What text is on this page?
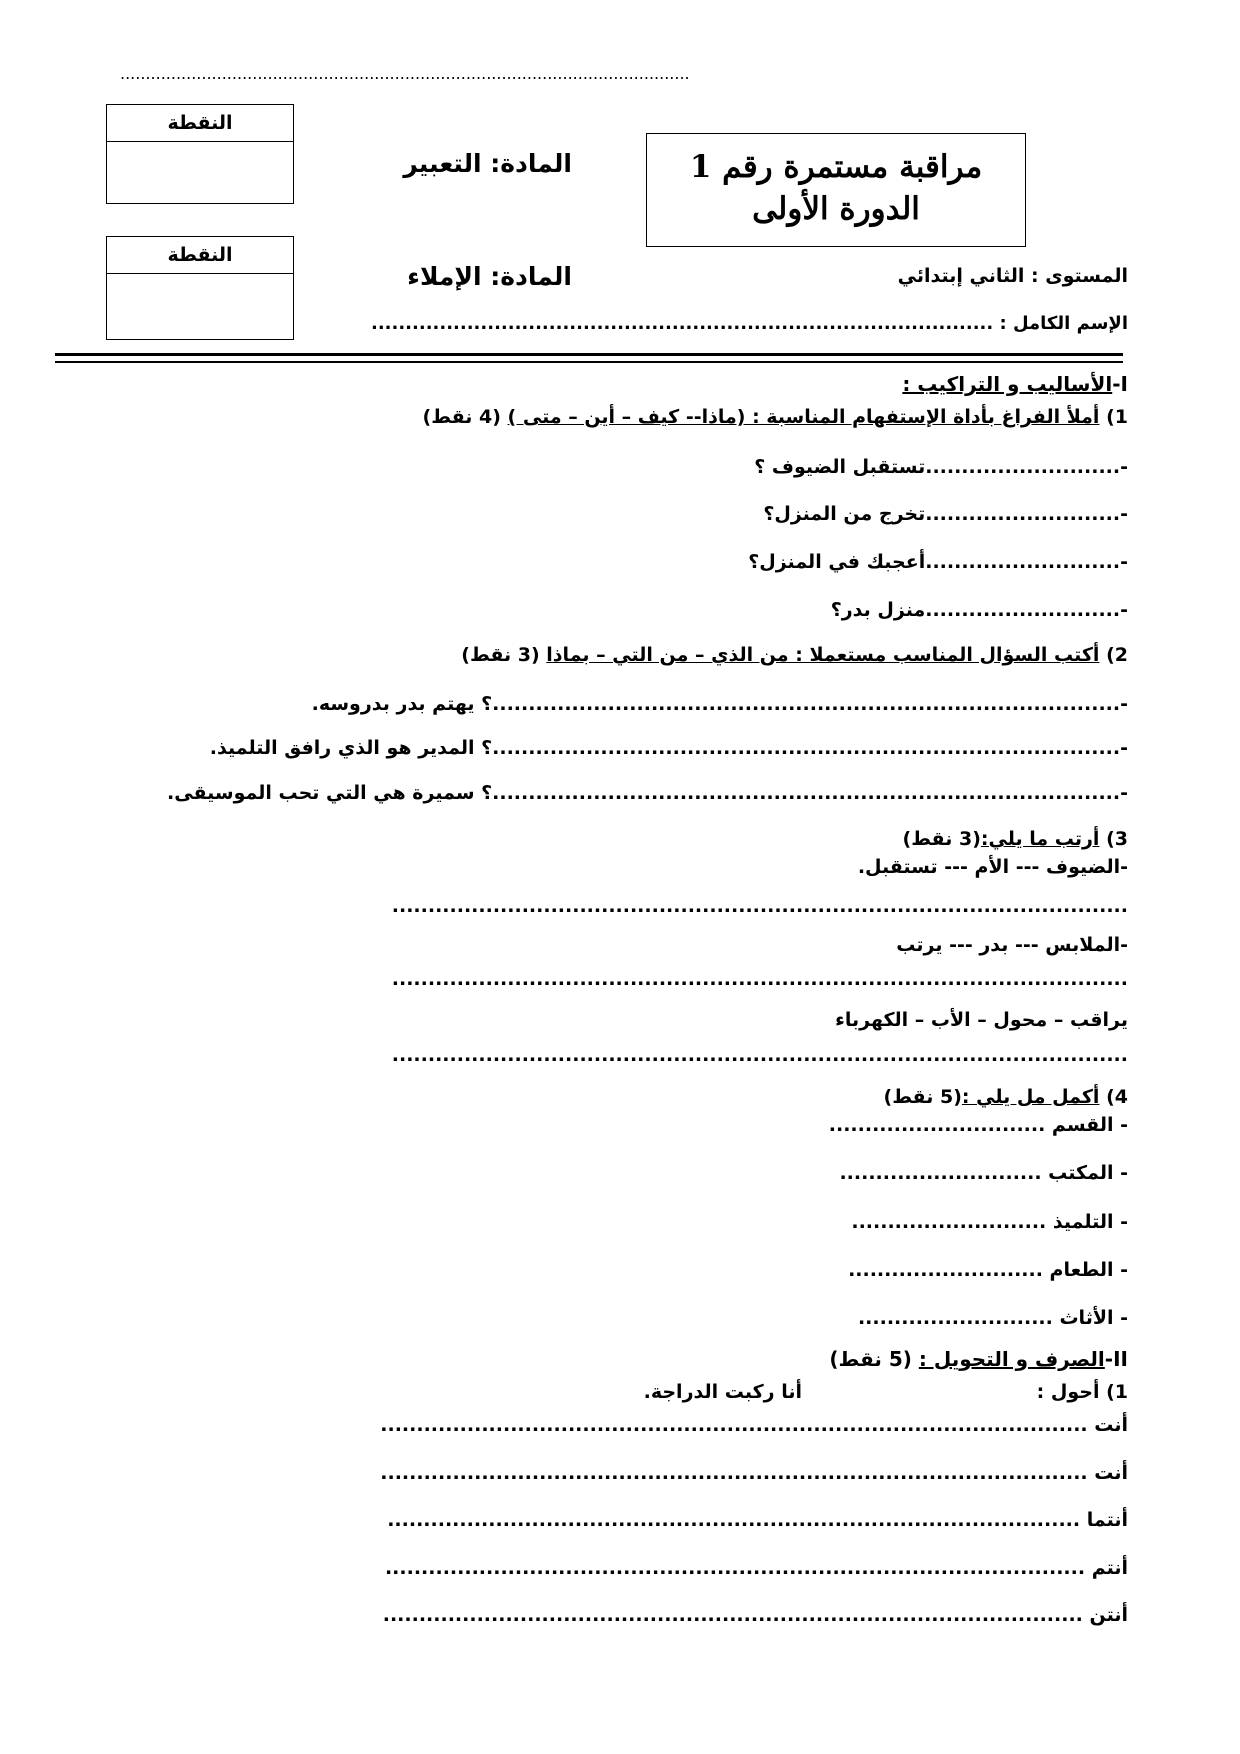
................................................................................................................
النقطة
النقطة
المادة: التعبير
المادة: الإملاء
مراقبة مستمرة رقم 1
الدورة الأولى
المستوى : الثاني إبتدائي
الإسم الكامل : ...........................................................................................
I-الأساليب و التراكيب :
1) أملأ الفراغ بأداة الإستفهام المناسبة : (ماذا-- كيف – أين – متى ) (4 نقط)
-...........................تستقبل الضيوف ؟
-...........................تخرج من المنزل؟
-...........................أعجبك في المنزل؟
-...........................منزل بدر؟
2) أكتب السؤال المناسب مستعملا : من الذي – من التي – بماذا (3 نقط)
-.......................................................................................؟ يهتم بدر بدروسه.
-.......................................................................................؟ المدير هو الذي رافق التلميذ.
-.......................................................................................؟ سميرة هي التي تحب الموسيقى.
3) أرتب ما يلي:(3 نقط)
-الضيوف --- الأم --- تستقبل.
......................................................................................................
-الملابس --- بدر --- يرتب
......................................................................................................
يراقب – محول – الأب – الكهرباء
......................................................................................................
4) أكمل مل يلي :(5 نقط)
- القسم ..............................
- المكتب ............................
- التلميذ ...........................
- الطعام ...........................
- الأثاث ...........................
II-الصرف و التحويل : (5 نقط)
1) أحول :
أنا ركبت الدراجة.
أنت ..................................................................................................
أنت ..................................................................................................
أنتما ................................................................................................
أنتم .................................................................................................
أنتن .................................................................................................
